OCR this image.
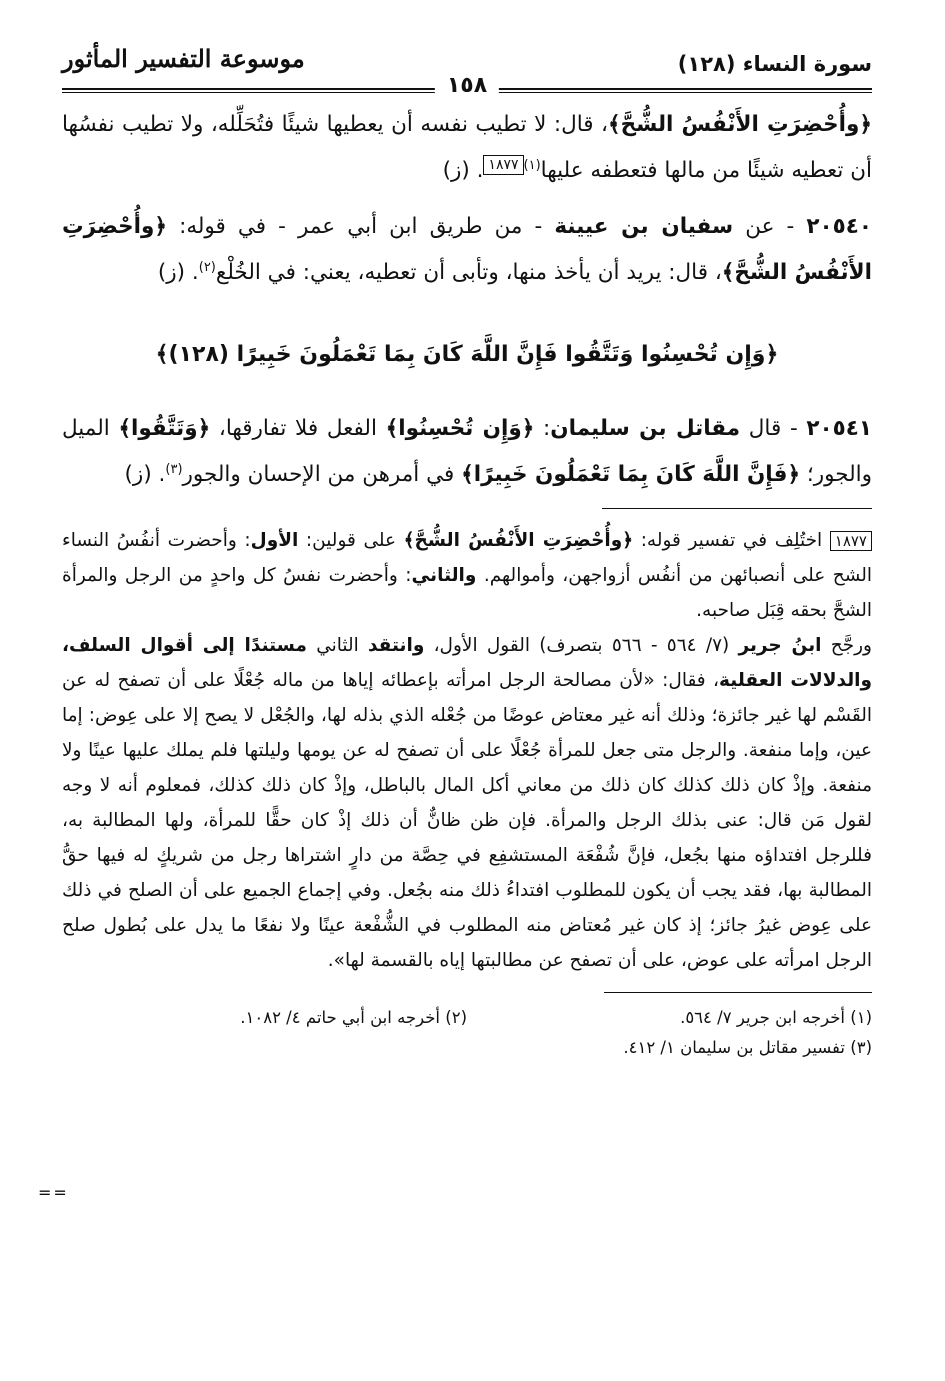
سورة النساء (١٢٨)
موسوعة التفسير المأثور
١٥٨

﴿وأُحْضِرَتِ الأَنْفُسُ الشُّحَّ﴾، قال: لا تطيب نفسه أن يعطيها شيئًا فتُحَلِّله، ولا تطيب نفسُها أن تعطيه شيئًا من مالها فتعطفه عليها$^{(١)}$١٨٧٧. (ز)

٢٠٥٤٠ - عن سفيان بن عيينة - من طريق ابن أبي عمر - في قوله: ﴿وأُحْضِرَتِ الأَنْفُسُ الشُّحَّ﴾، قال: يريد أن يأخذ منها، وتأبى أن تعطيه، يعني: في الخُلْع$^{(٢)}$. (ز)

﴿وَإِن تُحْسِنُوا وَتَتَّقُوا فَإِنَّ اللَّهَ كَانَ بِمَا تَعْمَلُونَ خَبِيرًا (١٢٨)﴾

٢٠٥٤١ - قال مقاتل بن سليمان: ﴿وَإِن تُحْسِنُوا﴾ الفعل فلا تفارقها، ﴿وَتَتَّقُوا﴾ الميل والجور؛ ﴿فَإِنَّ اللَّهَ كَانَ بِمَا تَعْمَلُونَ خَبِيرًا﴾ في أمرهن من الإحسان والجور$^{(٣)}$. (ز)

١٨٧٧ اختُلِف في تفسير قوله: ﴿وأُحْضِرَتِ الأَنْفُسُ الشُّحَّ﴾ على قولين: الأول: وأحضرت أنفُسُ النساء الشح على أنصبائهن من أنفُس أزواجهن، وأموالهم. والثاني: وأحضرت نفسُ كل واحدٍ من الرجل والمرأة الشحَّ بحقه قِبَل صاحبه.

ورجَّح ابنُ جرير (٧/ ٥٦٤ - ٥٦٦ بتصرف) القول الأول، وانتقد الثاني مستندًا إلى أقوال السلف، والدلالات العقلية، فقال: «لأن مصالحة الرجل امرأته بإعطائه إياها من ماله جُعْلًا على أن تصفح له عن القَسْم لها غير جائزة؛ وذلك أنه غير معتاض عوضًا من جُعْله الذي بذله لها، والجُعْل لا يصح إلا على عِوض: إما عين، وإما منفعة. والرجل متى جعل للمرأة جُعْلًا على أن تصفح له عن يومها وليلتها فلم يملك عليها عينًا ولا منفعة. وإذْ كان ذلك كذلك كان ذلك من معاني أكل المال بالباطل، وإذْ كان ذلك كذلك، فمعلوم أنه لا وجه لقول مَن قال: عنى بذلك الرجل والمرأة. فإن ظن ظانٌّ أن ذلك إذْ كان حقًّا للمرأة، ولها المطالبة به، فللرجل افتداؤه منها بجُعل، فإنَّ شُفْعَة المستشفِع في حِصَّة من دارٍ اشتراها رجل من شريكٍ له فيها حقُّ المطالبة بها، فقد يجب أن يكون للمطلوب افتداءُ ذلك منه بجُعل. وفي إجماع الجميع على أن الصلح في ذلك على عِوض غيرُ جائز؛ إذ كان غير مُعتاض منه المطلوب في الشُّفْعة عينًا ولا نفعًا ما يدل على بُطول صلح الرجل امرأته على عوض، على أن تصفح عن مطالبتها إياه بالقسمة لها».

(١) أخرجه ابن جرير ٧/ ٥٦٤.
(٢) أخرجه ابن أبي حاتم ٤/ ١٠٨٢.
(٣) تفسير مقاتل بن سليمان ١/ ٤١٢.
==
